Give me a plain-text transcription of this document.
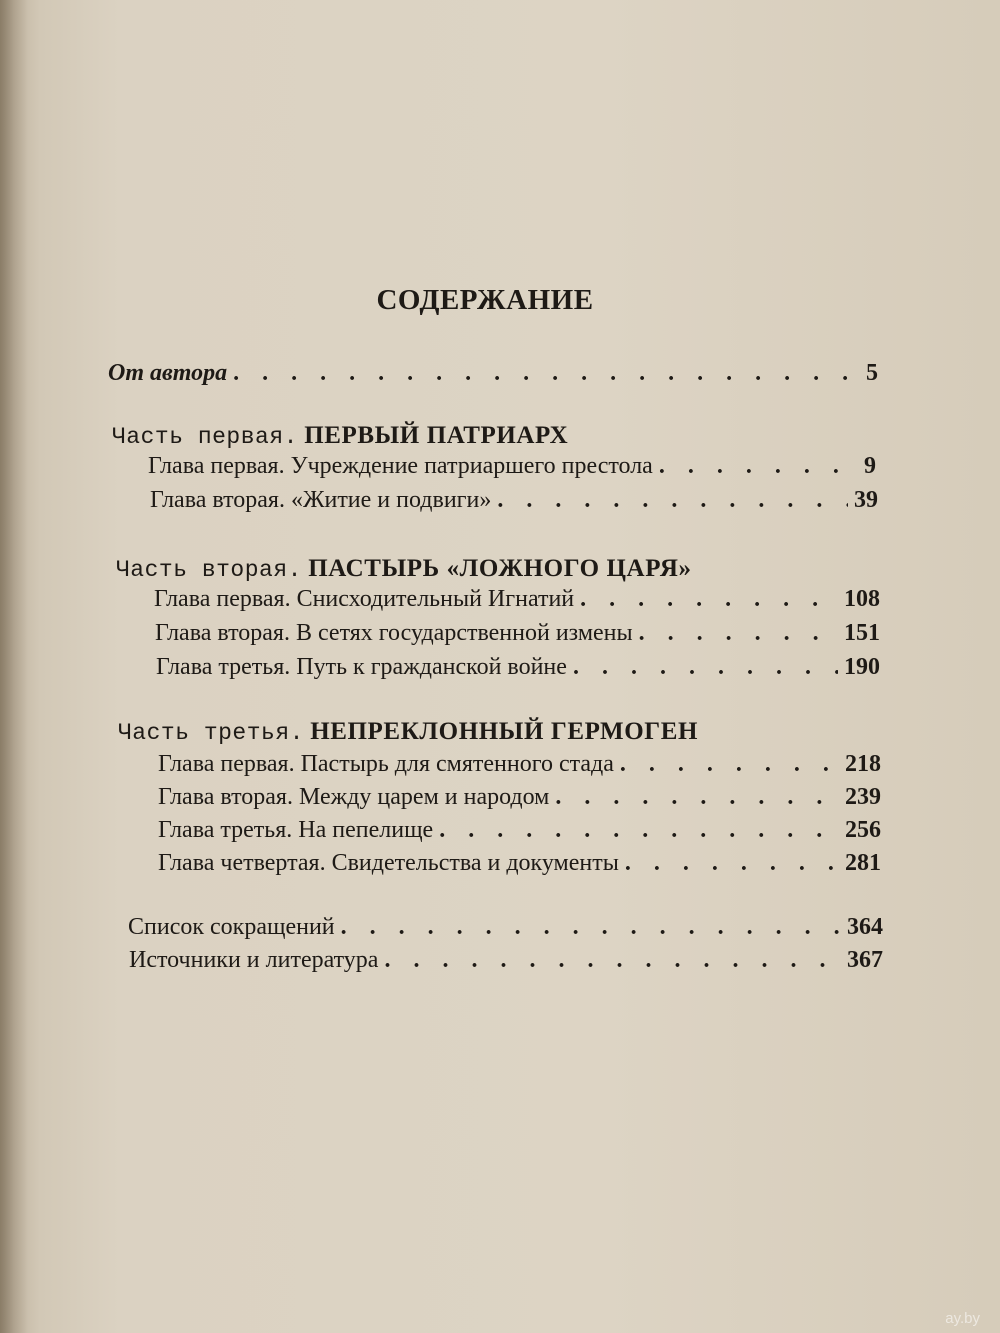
СОДЕРЖАНИЕ
От автора . . .	5
Часть первая. ПЕРВЫЙ ПАТРИАРХ
Глава первая. Учреждение патриаршего престола . . .	9
Глава вторая. «Житие и подвиги» . . .	39
Часть вторая. ПАСТЫРЬ «ЛОЖНОГО ЦАРЯ»
Глава первая. Снисходительный Игнатий . . .	108
Глава вторая. В сетях государственной измены . . .	151
Глава третья. Путь к гражданской войне . . .	190
Часть третья. НЕПРЕКЛОННЫЙ ГЕРМОГЕН
Глава первая. Пастырь для смятенного стада . . .	218
Глава вторая. Между царем и народом . . .	239
Глава третья. На пепелище . . .	256
Глава четвертая. Свидетельства и документы . . .	281
Список сокращений . . .	364
Источники и литература . . .	367
ay.by
